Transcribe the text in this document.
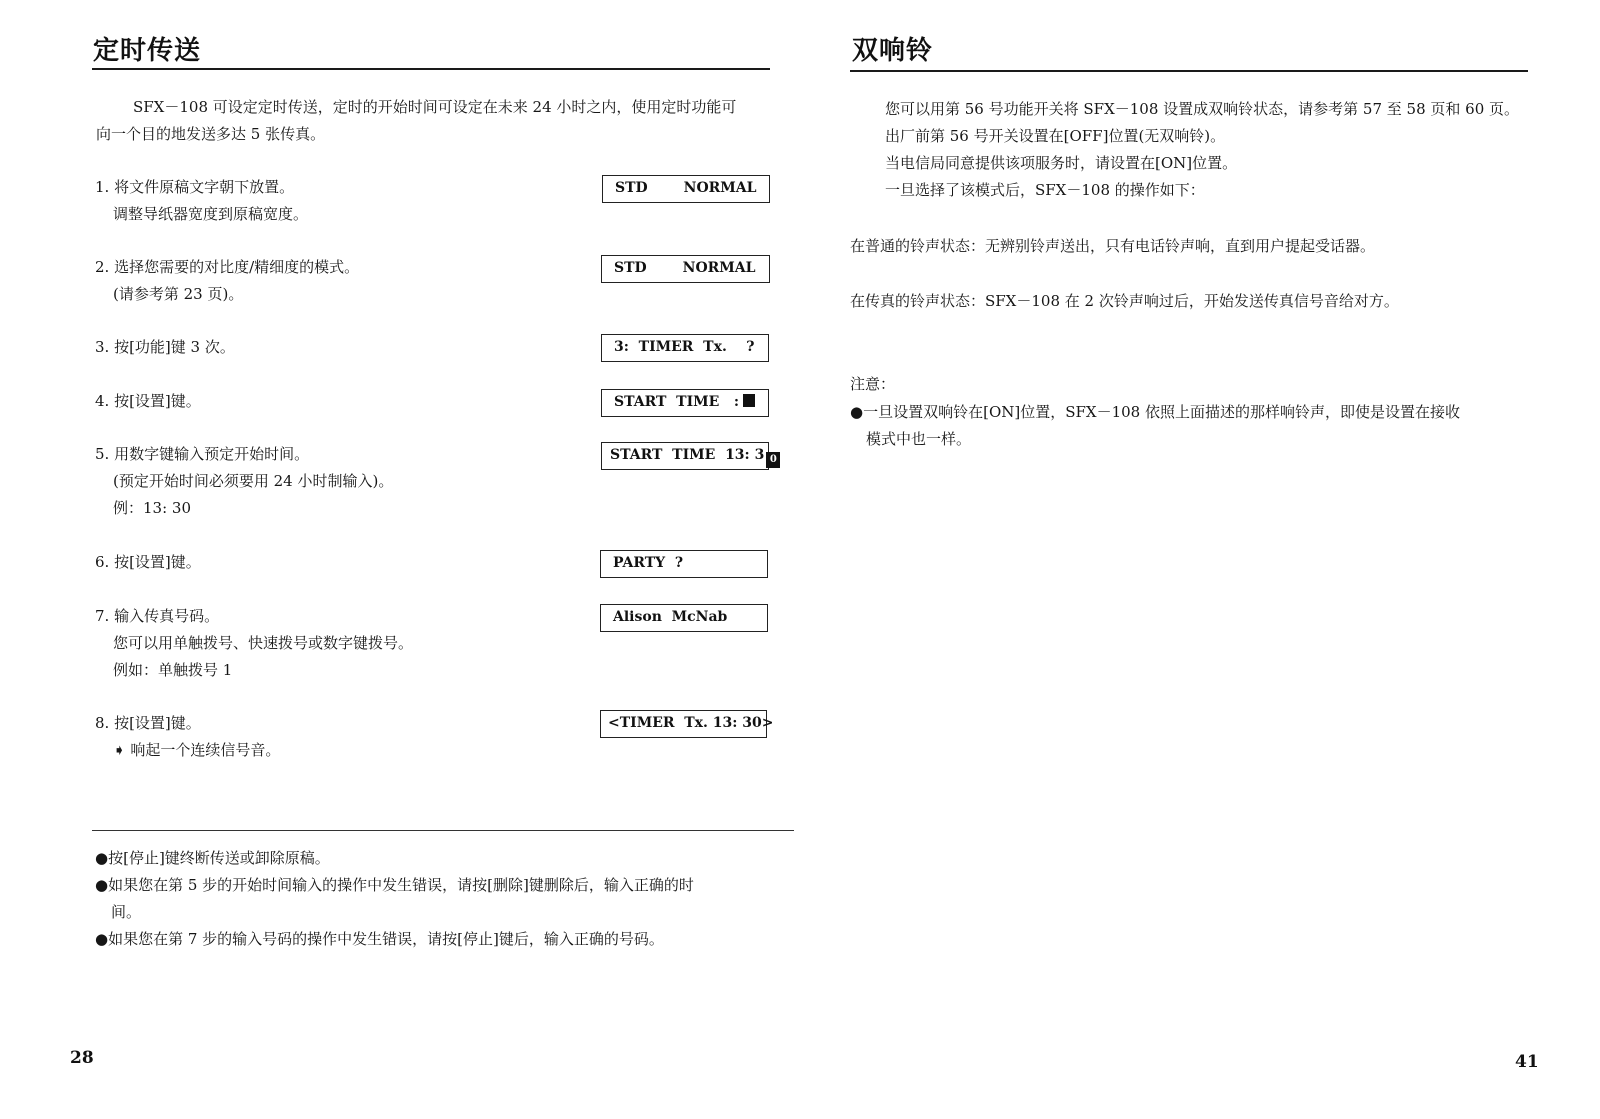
定时传送
SFX－108 可设定定时传送，定时的开始时间可设定在未来 24 小时之内，使用定时功能可
向一个目的地发送多达 5 张传真。
1. 将文件原稿文字朝下放置。
调整导纸器宽度到原稿宽度。
STD	NORMAL
2. 选择您需要的对比度/精细度的模式。
(请参考第 23 页)。
STD	NORMAL
3. 按[功能]键 3 次。	3:  TIMER  Tx.    ?
4. 按[设置]键。	START  TIME   :
5. 用数字键输入预定开始时间。
(预定开始时间必须要用 24 小时制输入)。
例：13: 30
START  TIME  13: 3 0
6. 按[设置]键。	PARTY  ?
7. 输入传真号码。
您可以用单触拨号、快速拨号或数字键拨号。
例如：单触拨号 1
Alison  McNab
8. 按[设置]键。
➧ 响起一个连续信号音。
<TIMER  Tx. 13: 30>
●按[停止]键终断传送或卸除原稿。
●如果您在第 5 步的开始时间输入的操作中发生错误，请按[删除]键删除后，输入正确的时
间。
●如果您在第 7 步的输入号码的操作中发生错误，请按[停止]键后，输入正确的号码。
28
双响铃
您可以用第 56 号功能开关将 SFX－108 设置成双响铃状态，请参考第 57 至 58 页和 60 页。
出厂前第 56 号开关设置在[OFF]位置(无双响铃)。
当电信局同意提供该项服务时，请设置在[ON]位置。
一旦选择了该模式后，SFX－108 的操作如下：
在普通的铃声状态：无辨别铃声送出，只有电话铃声响，直到用户提起受话器。
在传真的铃声状态：SFX－108 在 2 次铃声响过后，开始发送传真信号音给对方。
注意：
●一旦设置双响铃在[ON]位置，SFX－108 依照上面描述的那样响铃声，即使是设置在接收
模式中也一样。
41
